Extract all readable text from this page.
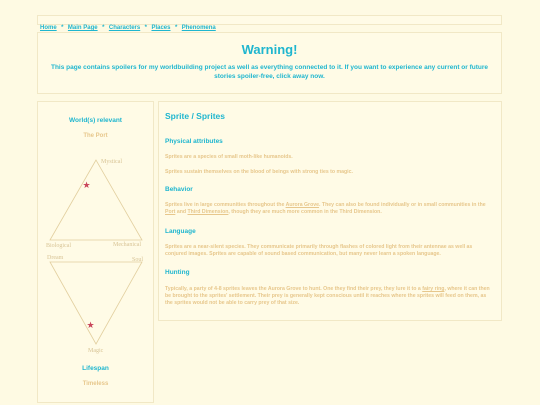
Home * Main Page * Characters * Places * Phenomena
Warning!

This page contains spoilers for my worldbuilding project as well as everything connected to it. If you want to experience any current or future stories spoiler-free, click away now.

World(s) relevant
The Port
Mystical
Biological	Mechanical
Dream	Soul
Magic
★
★
Lifespan
Timeless
Sprite / Sprites
Physical attributes

Sprites are a species of small moth-like humanoids.

Sprites sustain themselves on the blood of beings with strong ties to magic.

Behavior

Sprites live in large communities throughout the Aurora Grove. They can also be found individually or in small communities in the Port and Third Dimension, though they are much more common in the Third Dimension.

Language

Sprites are a near-silent species. They communicate primarily through flashes of colored light from their antennae as well as conjured images. Sprites are capable of sound based communication, but many never learn a spoken language.

Hunting

Typically, a party of 4-8 sprites leaves the Aurora Grove to hunt. One they find their prey, they lure it to a fairy ring, where it can then be brought to the sprites' settlement. Their prey is generally kept conscious until it reaches where the sprites will feed on them, as the sprites would not be able to carry prey of that size.
